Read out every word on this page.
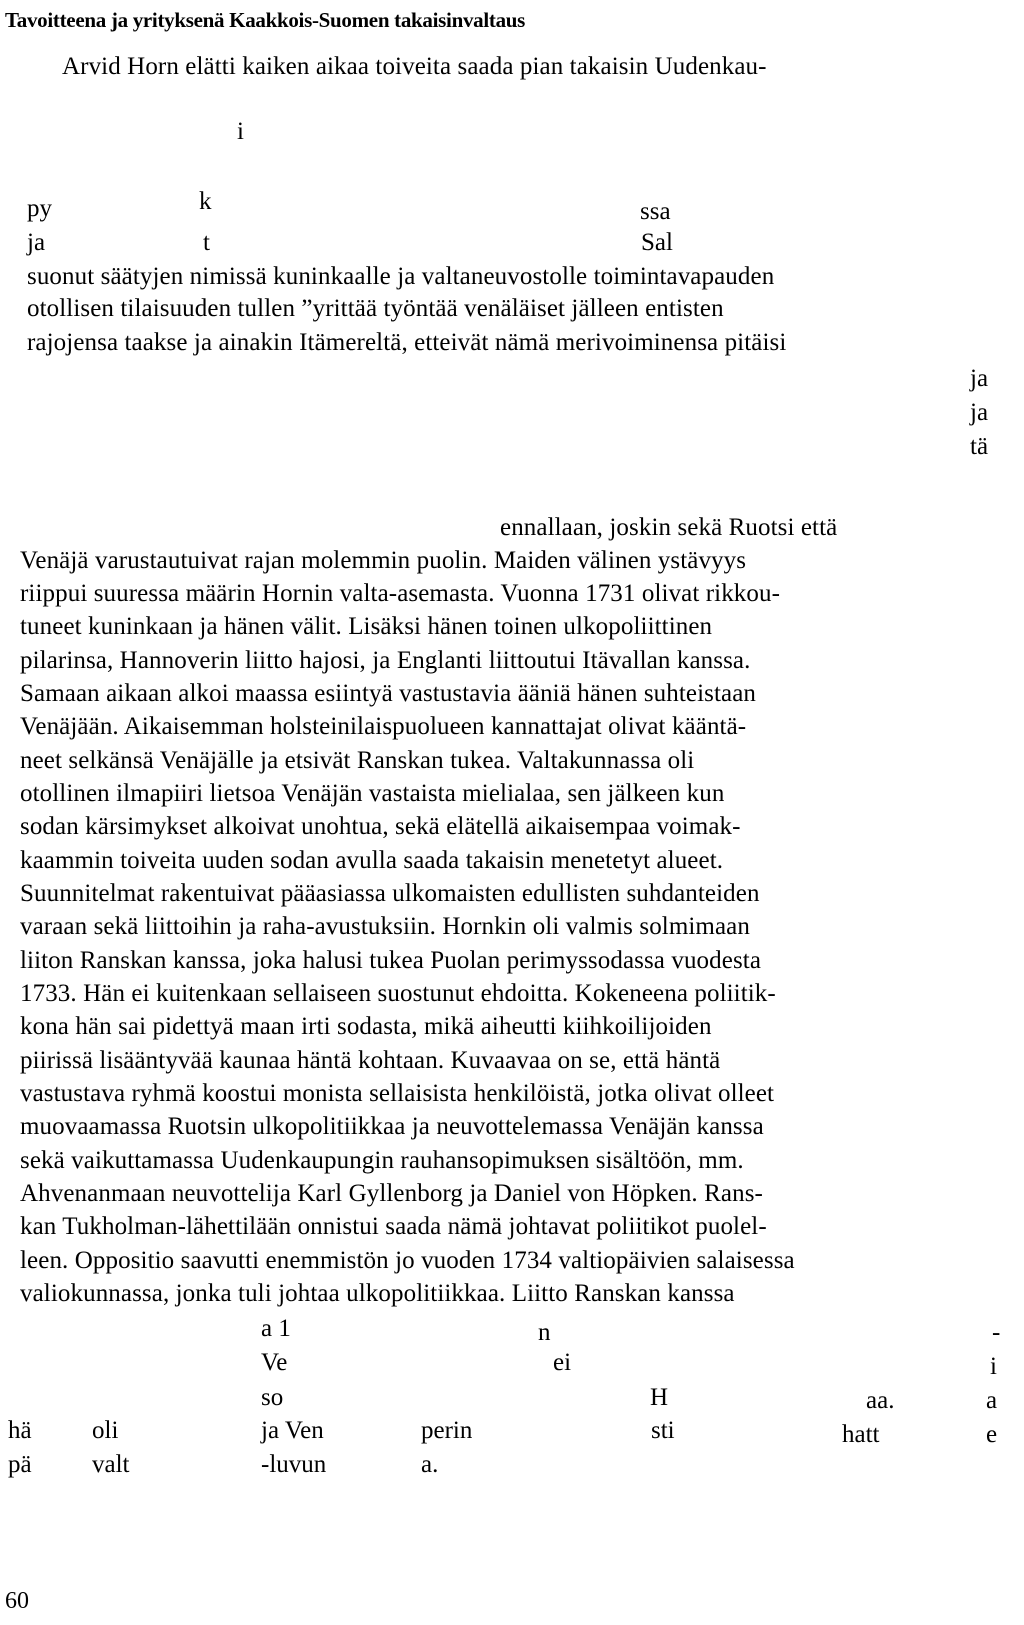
Tavoitteena ja yrityksenä Kaakkois-Suomen takaisinvaltaus
Arvid Horn elätti kaiken aikaa toiveita saada pian takaisin Uudenkau-
i
py	k	ssa
ja	t	Sal
suonut säätyjen nimissä kuninkaalle ja valtaneuvostolle toimintavapauden
otollisen tilaisuuden tullen ”yrittää työntää venäläiset jälleen entisten
rajojensa taakse ja ainakin Itämereltä, etteivät nämä merivoiminensa pitäisi
ja
ja
tä
ennallaan, joskin sekä Ruotsi että
Venäjä varustautuivat rajan molemmin puolin. Maiden välinen ystävyys
riippui suuressa määrin Hornin valta-asemasta. Vuonna 1731 olivat rikkou-
tuneet kuninkaan ja hänen välit. Lisäksi hänen toinen ulkopoliittinen
pilarinsa, Hannoverin liitto hajosi, ja Englanti liittoutui Itävallan kanssa.
Samaan aikaan alkoi maassa esiintyä vastustavia ääniä hänen suhteistaan
Venäjään. Aikaisemman holsteinilaispuolueen kannattajat olivat kääntä-
neet selkänsä Venäjälle ja etsivät Ranskan tukea. Valtakunnassa oli
otollinen ilmapiiri lietsoa Venäjän vastaista mielialaa, sen jälkeen kun
sodan kärsimykset alkoivat unohtua, sekä elätellä aikaisempaa voimak-
kaammin toiveita uuden sodan avulla saada takaisin menetetyt alueet.
Suunnitelmat rakentuivat pääasiassa ulkomaisten edullisten suhdanteiden
varaan sekä liittoihin ja raha-avustuksiin. Hornkin oli valmis solmimaan
liiton Ranskan kanssa, joka halusi tukea Puolan perimyssodassa vuodesta
1733. Hän ei kuitenkaan sellaiseen suostunut ehdoitta. Kokeneena poliitik-
kona hän sai pidettyä maan irti sodasta, mikä aiheutti kiihkoilijoiden
piirissä lisääntyvää kaunaa häntä kohtaan. Kuvaavaa on se, että häntä
vastustava ryhmä koostui monista sellaisista henkilöistä, jotka olivat olleet
muovaamassa Ruotsin ulkopolitiikkaa ja neuvottelemassa Venäjän kanssa
sekä vaikuttamassa Uudenkaupungin rauhansopimuksen sisältöön, mm.
Ahvenanmaan neuvottelija Karl Gyllenborg ja Daniel von Höpken. Rans-
kan Tukholman-lähettilään onnistui saada nämä johtavat poliitikot puolel-
leen. Oppositio saavutti enemmistön jo vuoden 1734 valtiopäivien salaisessa
valiokunnassa, jonka tuli johtaa ulkopolitiikkaa. Liitto Ranskan kanssa
a 1	n	-
Ve	ei	i
so	H	aa.	a
hä oli	ja Ven	perin	sti	hatt	e
pä valt	-luvun	a.
60
